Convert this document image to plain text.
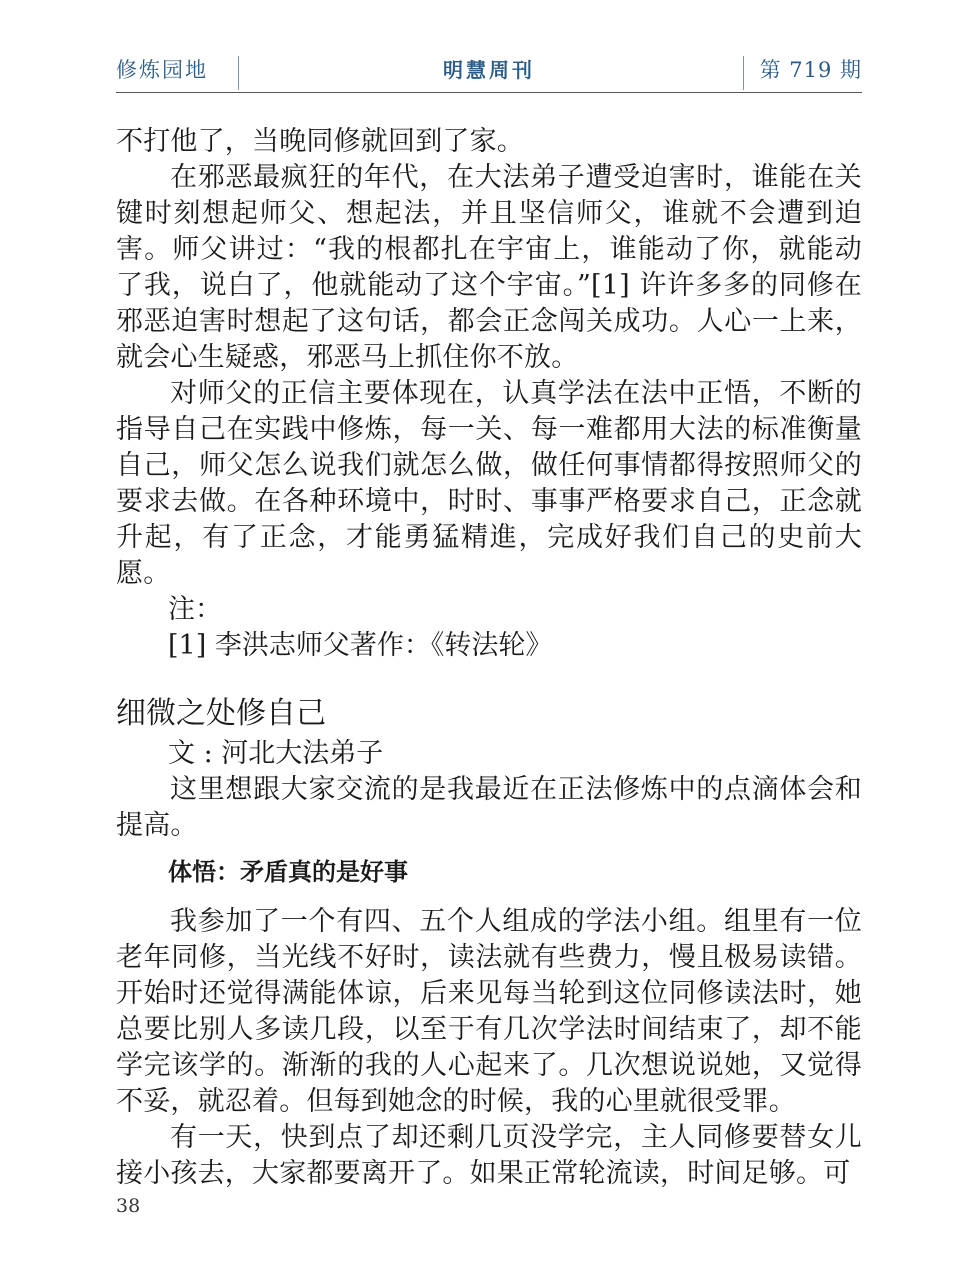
修炼园地	明慧周刊	第 719 期

不打他了，当晚同修就回到了家。

在邪恶最疯狂的年代，在大法弟子遭受迫害时，谁能在关键时刻想起师父、想起法，并且坚信师父，谁就不会遭到迫害。师父讲过：“我的根都扎在宇宙上，谁能动了你，就能动了我，说白了，他就能动了这个宇宙。”[1] 许许多多的同修在邪恶迫害时想起了这句话，都会正念闯关成功。人心一上来，就会心生疑惑，邪恶马上抓住你不放。

对师父的正信主要体现在，认真学法在法中正悟，不断的指导自己在实践中修炼，每一关、每一难都用大法的标准衡量自己，师父怎么说我们就怎么做，做任何事情都得按照师父的要求去做。在各种环境中，时时、事事严格要求自己，正念就升起，有了正念，才能勇猛精進，完成好我们自己的史前大愿。

注：

[1] 李洪志师父著作：《转法轮》

细微之处修自己

文 : 河北大法弟子

这里想跟大家交流的是我最近在正法修炼中的点滴体会和提高。

体悟：矛盾真的是好事

我参加了一个有四、五个人组成的学法小组。组里有一位老年同修，当光线不好时，读法就有些费力，慢且极易读错。开始时还觉得满能体谅，后来见每当轮到这位同修读法时，她总要比别人多读几段，以至于有几次学法时间结束了，却不能学完该学的。渐渐的我的人心起来了。几次想说说她，又觉得不妥，就忍着。但每到她念的时候，我的心里就很受罪。

有一天，快到点了却还剩几页没学完，主人同修要替女儿接小孩去，大家都要离开了。如果正常轮流读，时间足够。可

38
